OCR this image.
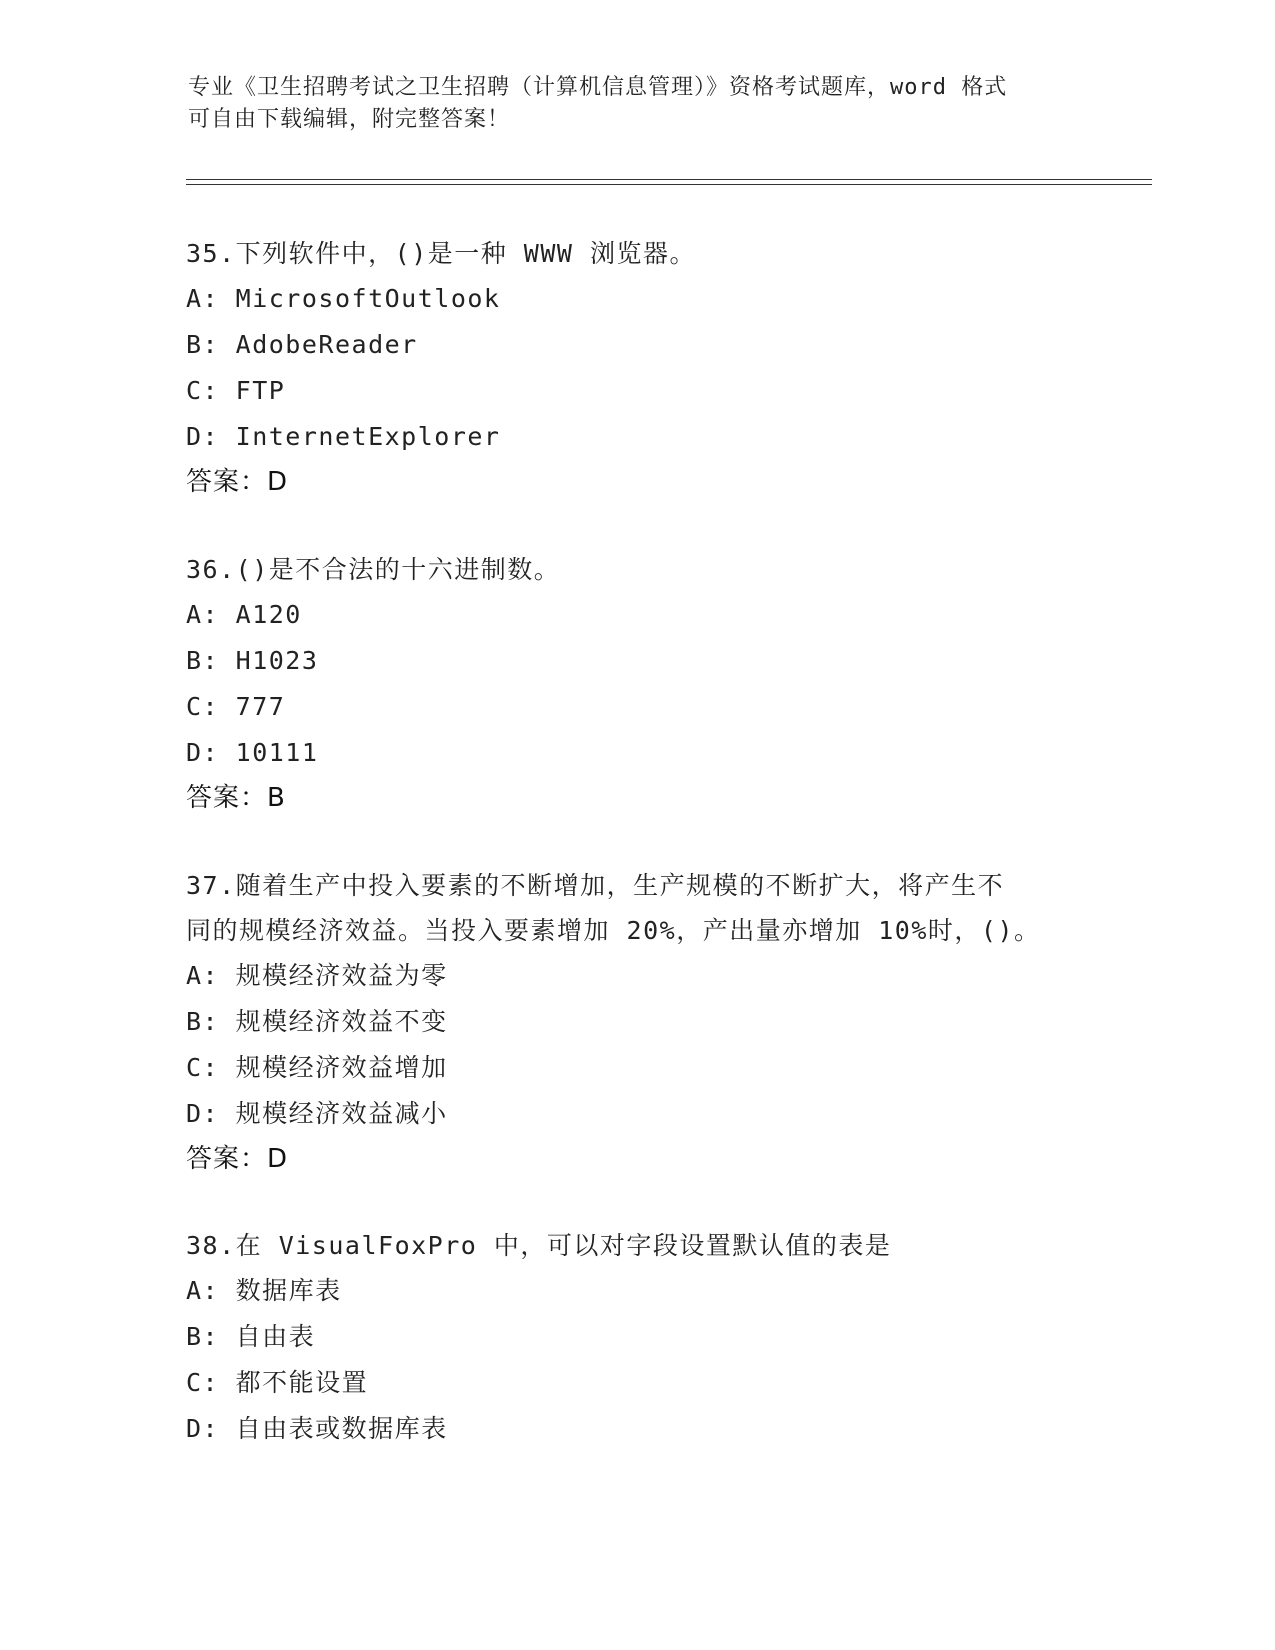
专业《卫生招聘考试之卫生招聘（计算机信息管理）》资格考试题库，word 格式
可自由下载编辑，附完整答案！
35.下列软件中，()是一种 WWW 浏览器。
A: MicrosoftOutlook
B: AdobeReader
C: FTP
D: InternetExplorer
答案：D
36.()是不合法的十六进制数。
A: A120
B: H1023
C: 777
D: 10111
答案：B
37.随着生产中投入要素的不断增加，生产规模的不断扩大，将产生不
同的规模经济效益。当投入要素增加 20%，产出量亦增加 10%时，()。
A: 规模经济效益为零
B: 规模经济效益不变
C: 规模经济效益增加
D: 规模经济效益减小
答案：D
38.在 VisualFoxPro 中，可以对字段设置默认值的表是
A: 数据库表
B: 自由表
C: 都不能设置
D: 自由表或数据库表
